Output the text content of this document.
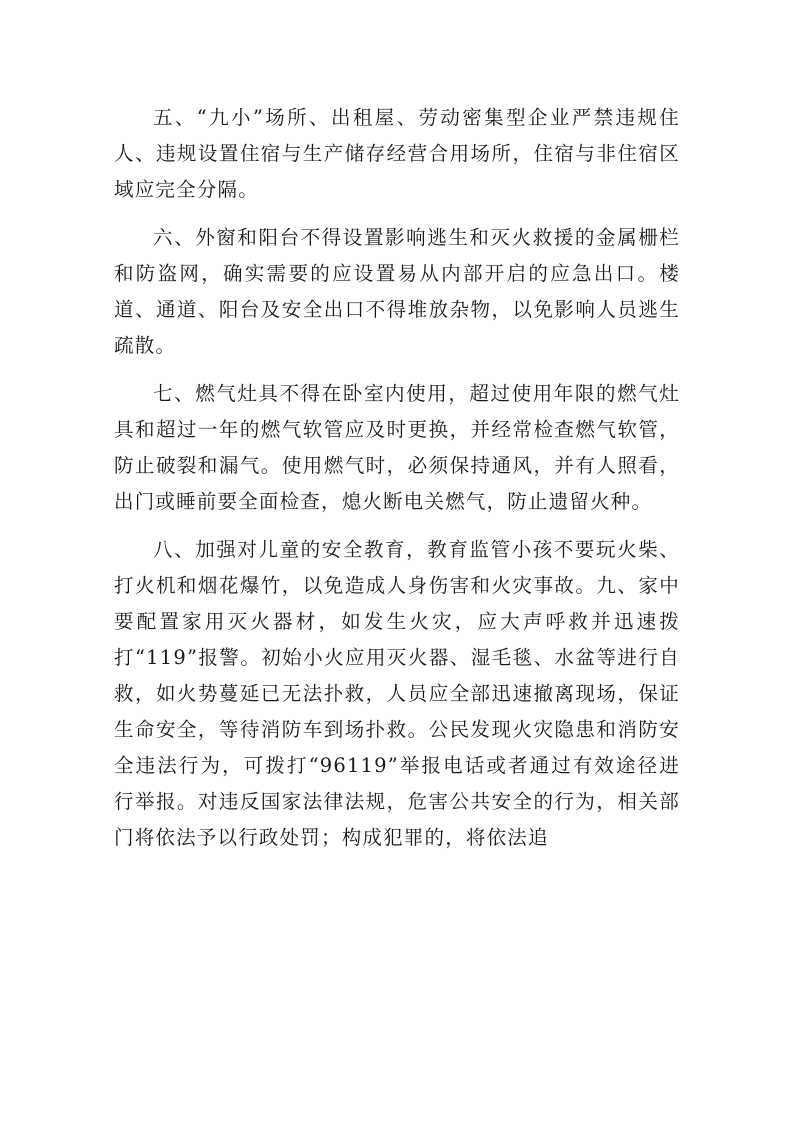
五、“九小”场所、出租屋、劳动密集型企业严禁违规住人、违规设置住宿与生产储存经营合用场所，住宿与非住宿区域应完全分隔。

六、外窗和阳台不得设置影响逃生和灭火救援的金属栅栏和防盗网，确实需要的应设置易从内部开启的应急出口。楼道、通道、阳台及安全出口不得堆放杂物，以免影响人员逃生疏散。

七、燃气灶具不得在卧室内使用，超过使用年限的燃气灶具和超过一年的燃气软管应及时更换，并经常检查燃气软管，防止破裂和漏气。使用燃气时，必须保持通风，并有人照看，出门或睡前要全面检查，熄火断电关燃气，防止遗留火种。

八、加强对儿童的安全教育，教育监管小孩不要玩火柴、打火机和烟花爆竹，以免造成人身伤害和火灾事故。九、家中要配置家用灭火器材，如发生火灾，应大声呼救并迅速拨打“119”报警。初始小火应用灭火器、湿毛毯、水盆等进行自救，如火势蔓延已无法扑救，人员应全部迅速撤离现场，保证生命安全，等待消防车到场扑救。公民发现火灾隐患和消防安全违法行为，可拨打“96119”举报电话或者通过有效途径进行举报。对违反国家法律法规，危害公共安全的行为，相关部门将依法予以行政处罚；构成犯罪的，将依法追
